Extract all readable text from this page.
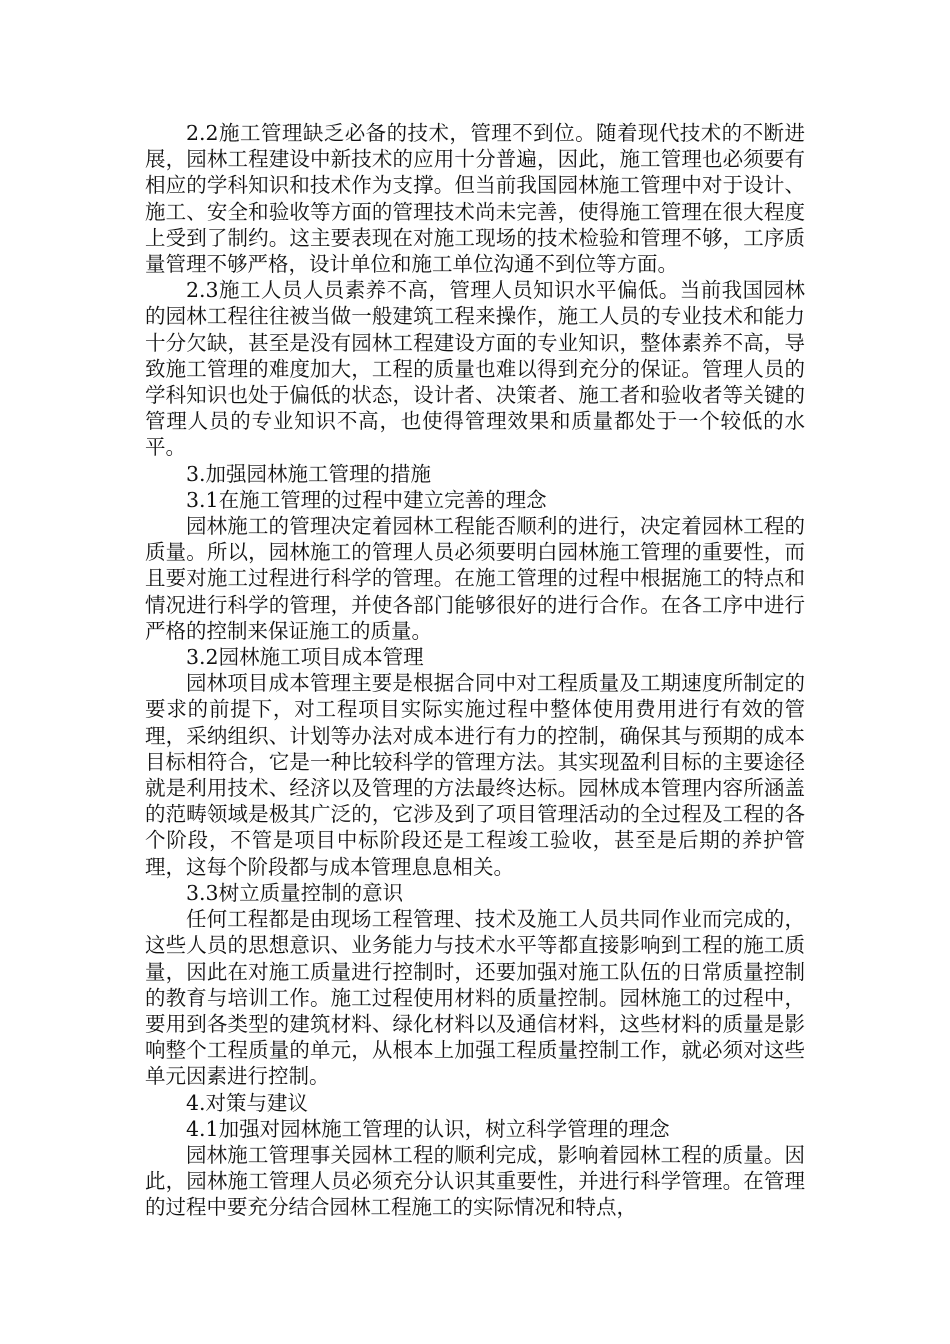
2.2施工管理缺乏必备的技术，管理不到位。随着现代技术的不断进展，园林工程建设中新技术的应用十分普遍，因此，施工管理也必须要有相应的学科知识和技术作为支撑。但当前我国园林施工管理中对于设计、施工、安全和验收等方面的管理技术尚未完善，使得施工管理在很大程度上受到了制约。这主要表现在对施工现场的技术检验和管理不够，工序质量管理不够严格，设计单位和施工单位沟通不到位等方面。

2.3施工人员人员素养不高，管理人员知识水平偏低。当前我国园林的园林工程往往被当做一般建筑工程来操作，施工人员的专业技术和能力十分欠缺，甚至是没有园林工程建设方面的专业知识，整体素养不高，导致施工管理的难度加大，工程的质量也难以得到充分的保证。管理人员的学科知识也处于偏低的状态，设计者、决策者、施工者和验收者等关键的管理人员的专业知识不高，也使得管理效果和质量都处于一个较低的水平。

3.加强园林施工管理的措施

3.1在施工管理的过程中建立完善的理念

园林施工的管理决定着园林工程能否顺利的进行，决定着园林工程的质量。所以，园林施工的管理人员必须要明白园林施工管理的重要性，而且要对施工过程进行科学的管理。在施工管理的过程中根据施工的特点和情况进行科学的管理，并使各部门能够很好的进行合作。在各工序中进行严格的控制来保证施工的质量。

3.2园林施工项目成本管理

园林项目成本管理主要是根据合同中对工程质量及工期速度所制定的要求的前提下，对工程项目实际实施过程中整体使用费用进行有效的管理，采纳组织、计划等办法对成本进行有力的控制，确保其与预期的成本目标相符合，它是一种比较科学的管理方法。其实现盈利目标的主要途径就是利用技术、经济以及管理的方法最终达标。园林成本管理内容所涵盖的范畴领域是极其广泛的，它涉及到了项目管理活动的全过程及工程的各个阶段，不管是项目中标阶段还是工程竣工验收，甚至是后期的养护管理，这每个阶段都与成本管理息息相关。

3.3树立质量控制的意识

任何工程都是由现场工程管理、技术及施工人员共同作业而完成的，这些人员的思想意识、业务能力与技术水平等都直接影响到工程的施工质量，因此在对施工质量进行控制时，还要加强对施工队伍的日常质量控制的教育与培训工作。施工过程使用材料的质量控制。园林施工的过程中，要用到各类型的建筑材料、绿化材料以及通信材料，这些材料的质量是影响整个工程质量的单元，从根本上加强工程质量控制工作，就必须对这些单元因素进行控制。

4.对策与建议

4.1加强对园林施工管理的认识，树立科学管理的理念

园林施工管理事关园林工程的顺利完成，影响着园林工程的质量。因此，园林施工管理人员必须充分认识其重要性，并进行科学管理。在管理的过程中要充分结合园林工程施工的实际情况和特点，
